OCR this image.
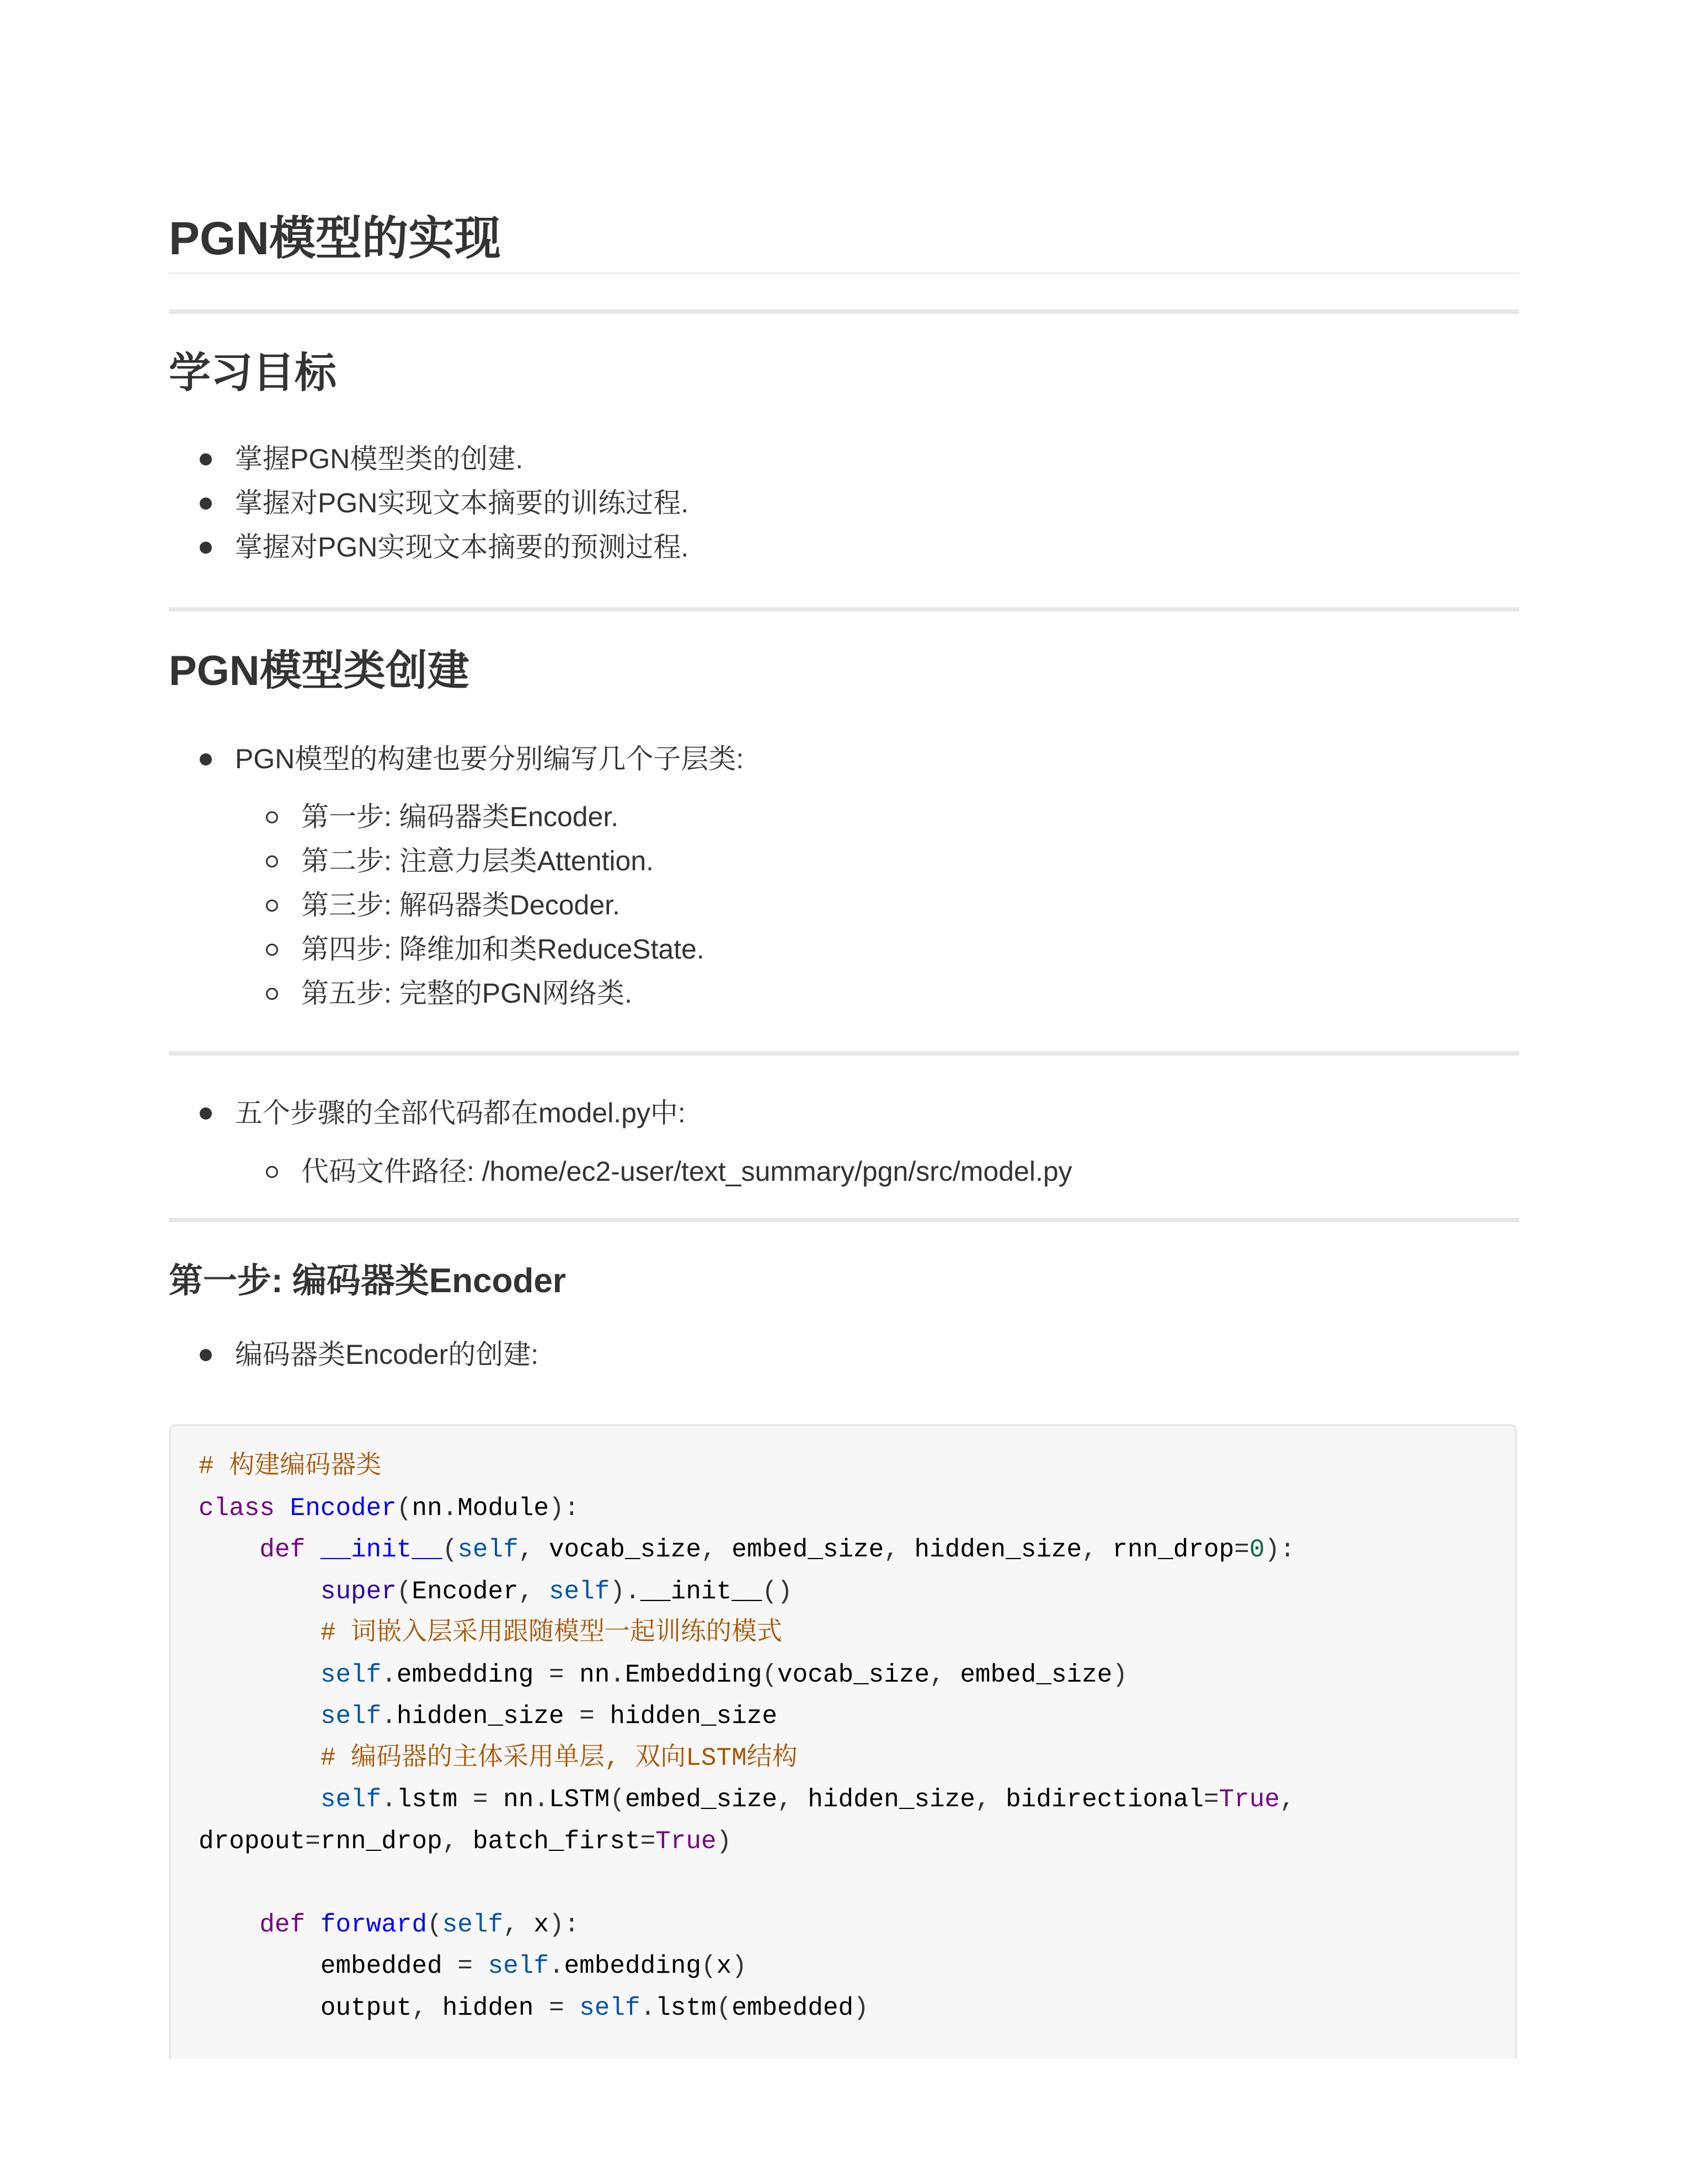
PGN模型的实现
学习目标
掌握PGN模型类的创建.
掌握对PGN实现文本摘要的训练过程.
掌握对PGN实现文本摘要的预测过程.
PGN模型类创建
PGN模型的构建也要分别编写几个子层类:
第一步: 编码器类Encoder.
第二步: 注意力层类Attention.
第三步: 解码器类Decoder.
第四步: 降维加和类ReduceState.
第五步: 完整的PGN网络类.
五个步骤的全部代码都在model.py中:
代码文件路径: /home/ec2-user/text_summary/pgn/src/model.py
第一步: 编码器类Encoder
编码器类Encoder的创建:
# 构建编码器类
class Encoder(nn.Module):
def __init__(self, vocab_size, embed_size, hidden_size, rnn_drop=0):
super(Encoder, self).__init__()
# 词嵌入层采用跟随模型一起训练的模式
self.embedding = nn.Embedding(vocab_size, embed_size)
self.hidden_size = hidden_size
# 编码器的主体采用单层, 双向LSTM结构
self.lstm = nn.LSTM(embed_size, hidden_size, bidirectional=True,
dropout=rnn_drop, batch_first=True)

def forward(self, x):
embedded = self.embedding(x)
output, hidden = self.lstm(embedded)
